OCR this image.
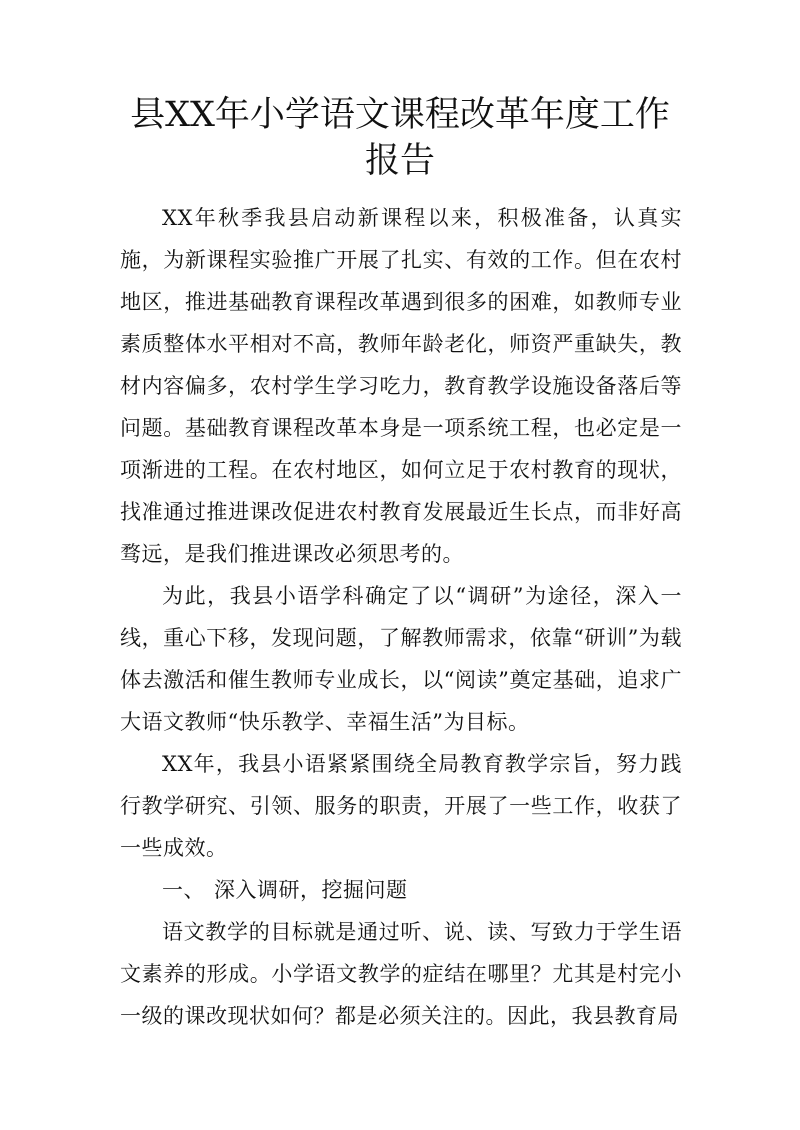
县XX年小学语文课程改革年度工作报告

XX年秋季我县启动新课程以来，积极准备，认真实施，为新课程实验推广开展了扎实、有效的工作。但在农村地区，推进基础教育课程改革遇到很多的困难，如教师专业素质整体水平相对不高，教师年龄老化，师资严重缺失，教材内容偏多，农村学生学习吃力，教育教学设施设备落后等问题。基础教育课程改革本身是一项系统工程，也必定是一项渐进的工程。在农村地区，如何立足于农村教育的现状，找准通过推进课改促进农村教育发展最近生长点，而非好高骛远，是我们推进课改必须思考的。

为此，我县小语学科确定了以“调研”为途径，深入一线，重心下移，发现问题，了解教师需求，依靠“研训”为载体去激活和催生教师专业成长，以“阅读”奠定基础，追求广大语文教师“快乐教学、幸福生活”为目标。

XX年，我县小语紧紧围绕全局教育教学宗旨，努力践行教学研究、引领、服务的职责，开展了一些工作，收获了一些成效。

一、 深入调研，挖掘问题

语文教学的目标就是通过听、说、读、写致力于学生语文素养的形成。小学语文教学的症结在哪里？尤其是村完小一级的课改现状如何？都是必须关注的。因此，我县教育局
